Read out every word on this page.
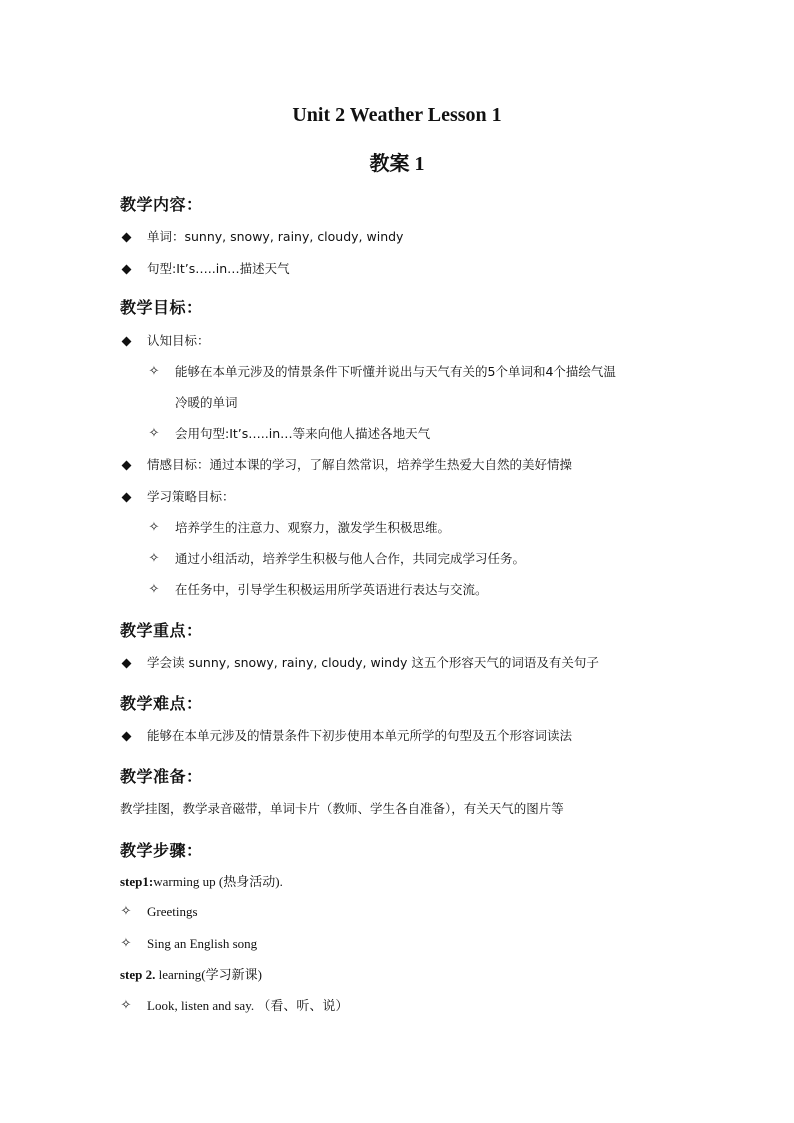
Unit 2 Weather Lesson 1
教案 1
教学内容：
单词：sunny, snowy, rainy, cloudy, windy
句型:It’s…..in…描述天气
教学目标：
认知目标：
✧ 能够在本单元涉及的情景条件下听懂并说出与天气有关的5个单词和4个描绘气温
冷暖的单词
✧ 会用句型:It’s…..in…等来向他人描述各地天气
情感目标：通过本课的学习，了解自然常识，培养学生热爱大自然的美好情操
学习策略目标：
✧ 培养学生的注意力、观察力，激发学生积极思维。
✧ 通过小组活动，培养学生积极与他人合作，共同完成学习任务。
✧ 在任务中，引导学生积极运用所学英语进行表达与交流。
教学重点：
学会读 sunny, snowy, rainy, cloudy, windy 这五个形容天气的词语及有关句子
教学难点：
能够在本单元涉及的情景条件下初步使用本单元所学的句型及五个形容词读法
教学准备：
教学挂图，教学录音磁带，单词卡片（教师、学生各自准备），有关天气的图片等
教学步骤：
step1:warming up (热身活动).
✧ Greetings
✧ Sing an English song
step 2. learning(学习新课)
✧ Look, listen and say. （看、听、说）
